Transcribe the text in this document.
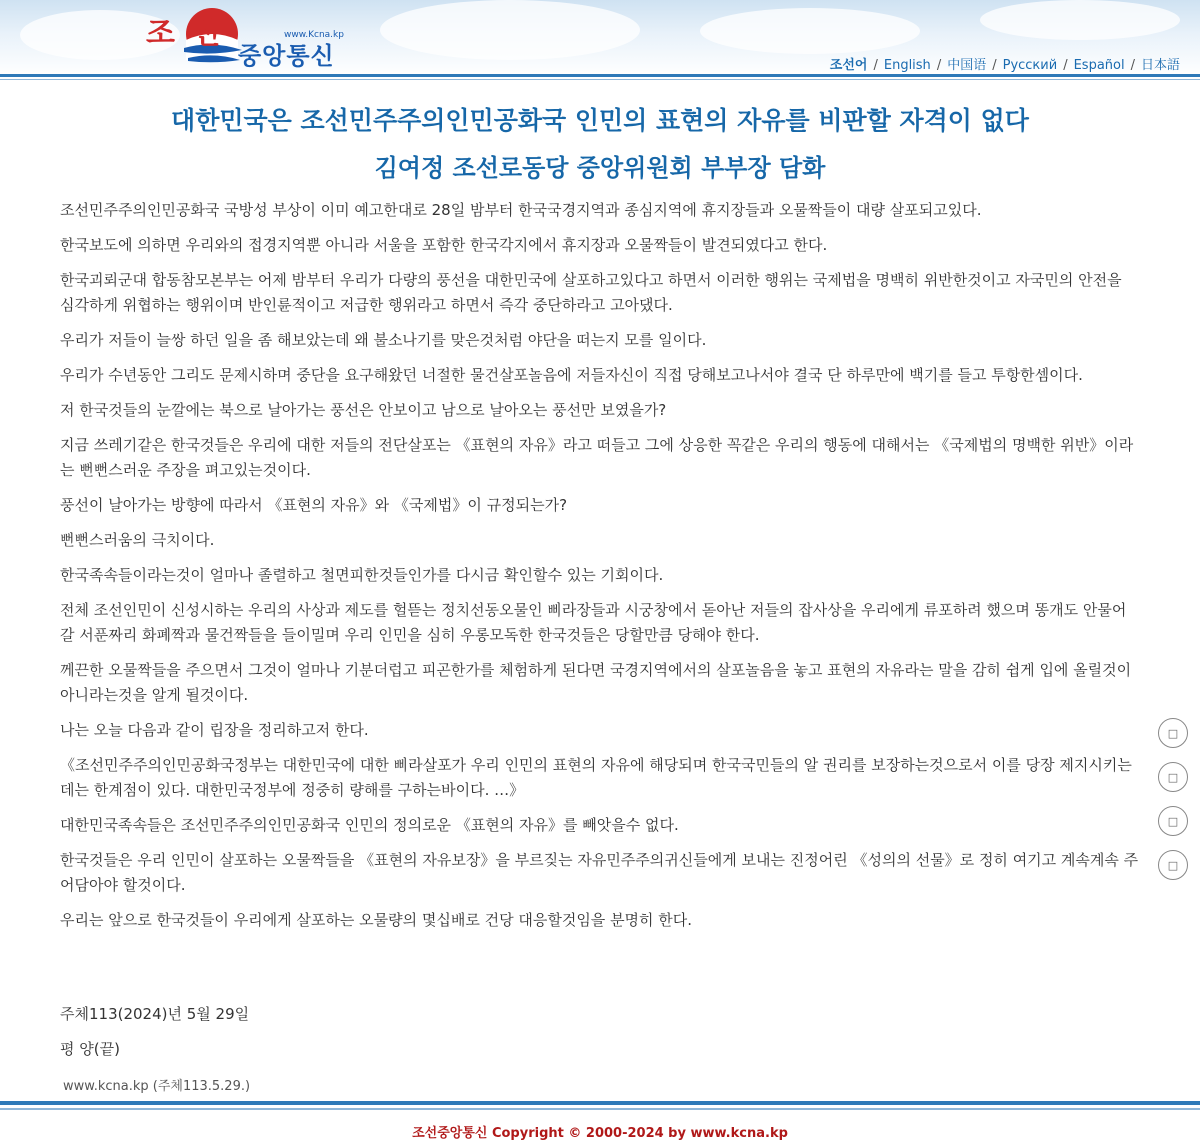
조 선
중앙통신
www.Kcna.kp
조선어 / English / 中国语 / Русский / Español / 日本語
대한민국은 조선민주주의인민공화국 인민의 표현의 자유를 비판할 자격이 없다
김여정 조선로동당 중앙위원회 부부장 담화

조선민주주의인민공화국 국방성 부상이 이미 예고한대로 28일 밤부터 한국국경지역과 종심지역에 휴지장들과 오물짝들이 대량 살포되고있다.

한국보도에 의하면 우리와의 접경지역뿐 아니라 서울을 포함한 한국각지에서 휴지장과 오물짝들이 발견되였다고 한다.

한국괴뢰군대 합동참모본부는 어제 밤부터 우리가 다량의 풍선을 대한민국에 살포하고있다고 하면서 이러한 행위는 국제법을 명백히 위반한것이고 자국민의 안전을 심각하게 위협하는 행위이며 반인륜적이고 저급한 행위라고 하면서 즉각 중단하라고 고아댔다.

우리가 저들이 늘쌍 하던 일을 좀 해보았는데 왜 불소나기를 맞은것처럼 야단을 떠는지 모를 일이다.

우리가 수년동안 그리도 문제시하며 중단을 요구해왔던 너절한 물건살포놀음에 저들자신이 직접 당해보고나서야 결국 단 하루만에 백기를 들고 투항한셈이다.

저 한국것들의 눈깔에는 북으로 날아가는 풍선은 안보이고 남으로 날아오는 풍선만 보였을가?

지금 쓰레기같은 한국것들은 우리에 대한 저들의 전단살포는 《표현의 자유》라고 떠들고 그에 상응한 꼭같은 우리의 행동에 대해서는 《국제법의 명백한 위반》이라는 뻔뻔스러운 주장을 펴고있는것이다.

풍선이 날아가는 방향에 따라서 《표현의 자유》와 《국제법》이 규정되는가?

뻔뻔스러움의 극치이다.

한국족속들이라는것이 얼마나 졸렬하고 철면피한것들인가를 다시금 확인할수 있는 기회이다.

전체 조선인민이 신성시하는 우리의 사상과 제도를 헐뜯는 정치선동오물인 삐라장들과 시궁창에서 돋아난 저들의 잡사상을 우리에게 류포하려 했으며 똥개도 안물어갈 서푼짜리 화폐짝과 물건짝들을 들이밀며 우리 인민을 심히 우롱모독한 한국것들은 당할만큼 당해야 한다.

께끈한 오물짝들을 주으면서 그것이 얼마나 기분더럽고 피곤한가를 체험하게 된다면 국경지역에서의 살포놀음을 놓고 표현의 자유라는 말을 감히 쉽게 입에 올릴것이 아니라는것을 알게 될것이다.

나는 오늘 다음과 같이 립장을 정리하고저 한다.

《조선민주주의인민공화국정부는 대한민국에 대한 삐라살포가 우리 인민의 표현의 자유에 해당되며 한국국민들의 알 권리를 보장하는것으로서 이를 당장 제지시키는데는 한계점이 있다. 대한민국정부에 정중히 량해를 구하는바이다. …》

대한민국족속들은 조선민주주의인민공화국 인민의 정의로운 《표현의 자유》를 빼앗을수 없다.

한국것들은 우리 인민이 살포하는 오물짝들을 《표현의 자유보장》을 부르짖는 자유민주주의귀신들에게 보내는 진정어린 《성의의 선물》로 정히 여기고 계속계속 주어담아야 할것이다.

우리는 앞으로 한국것들이 우리에게 살포하는 오물량의 몇십배로 건당 대응할것임을 분명히 한다.

주체113(2024)년 5월 29일
평 양(끝)
www.kcna.kp (주체113.5.29.)
□
□
□
□
조선중앙통신 Copyright © 2000-2024 by www.kcna.kp
